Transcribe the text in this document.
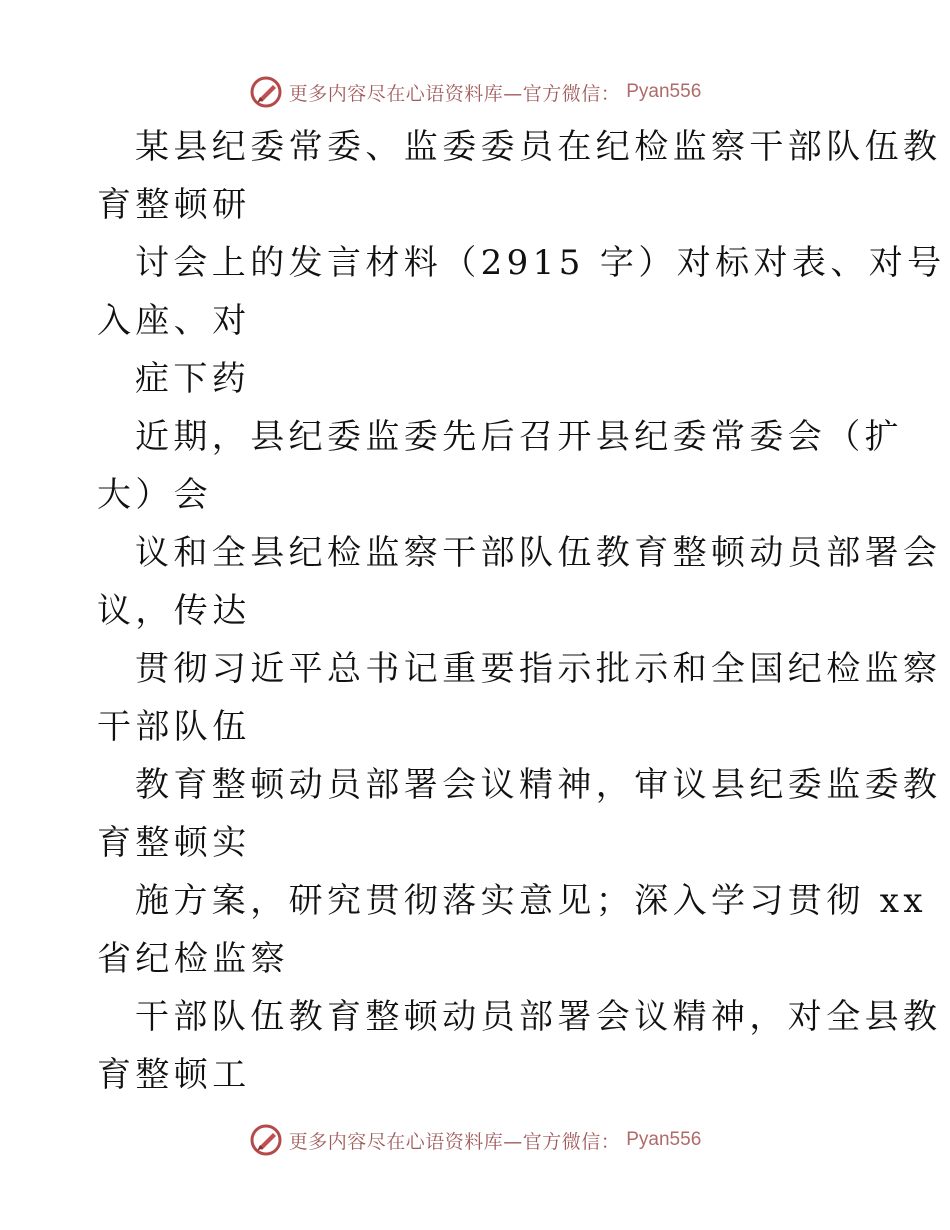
更多内容尽在心语资料库—官方微信： Pyan556

某县纪委常委、监委委员在纪检监察干部队伍教

育整顿研

讨会上的发言材料（2915 字）对标对表、对号

入座、对

症下药

近期，县纪委监委先后召开县纪委常委会（扩

大）会

议和全县纪检监察干部队伍教育整顿动员部署会

议，传达

贯彻习近平总书记重要指示批示和全国纪检监察

干部队伍

教育整顿动员部署会议精神，审议县纪委监委教

育整顿实

施方案，研究贯彻落实意见；深入学习贯彻 xx

省纪检监察

干部队伍教育整顿动员部署会议精神，对全县教

育整顿工

更多内容尽在心语资料库—官方微信： Pyan556
